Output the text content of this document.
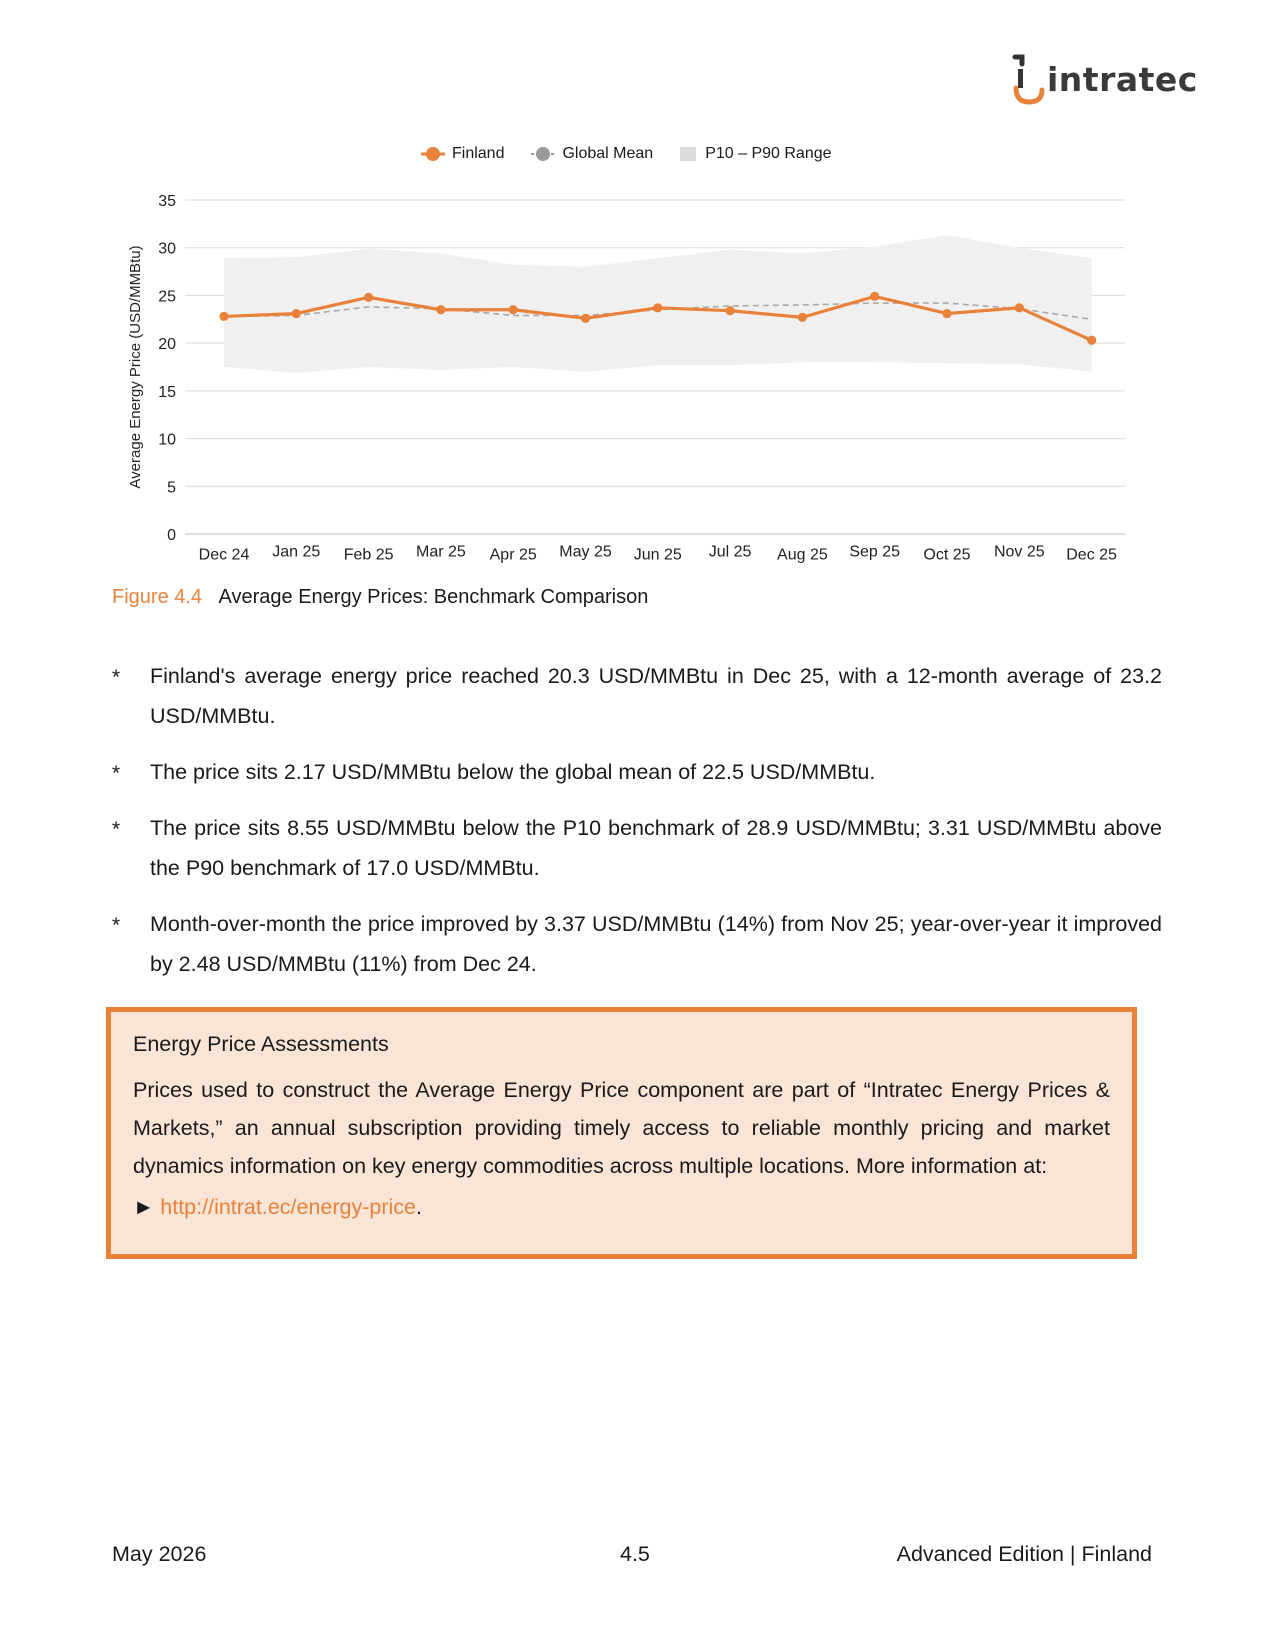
intratec
Finland	Global Mean	P10 – P90 Range
0
5
10
15
20
25
30
35
Average Energy Price (USD/MMBtu)
Dec 24 Jan 25 Feb 25 Mar 25 Apr 25 May 25 Jun 25 Jul 25 Aug 25 Sep 25 Oct 25 Nov 25 Dec 25
Figure 4.4 Average Energy Prices: Benchmark Comparison
* Finland's average energy price reached 20.3 USD/MMBtu in Dec 25, with a 12-month average of 23.2 USD/MMBtu.
* The price sits 2.17 USD/MMBtu below the global mean of 22.5 USD/MMBtu.
* The price sits 8.55 USD/MMBtu below the P10 benchmark of 28.9 USD/MMBtu; 3.31 USD/MMBtu above the P90 benchmark of 17.0 USD/MMBtu.
* Month-over-month the price improved by 3.37 USD/MMBtu (14%) from Nov 25; year-over-year it improved by 2.48 USD/MMBtu (11%) from Dec 24.
Energy Price Assessments
Prices used to construct the Average Energy Price component are part of “Intratec Energy Prices & Markets,” an annual subscription providing timely access to reliable monthly pricing and market dynamics information on key energy commodities across multiple locations. More information at:
► http://intrat.ec/energy-price.
May 2026	4.5	Advanced Edition | Finland
